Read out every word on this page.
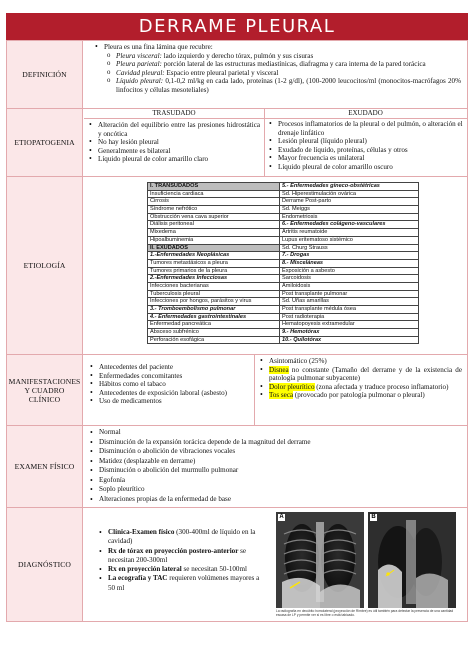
DERRAME PLEURAL
DEFINICIÓN
• Pleura es una fina lámina que recubre:
o Pleura visceral: lado izquierdo y derecho tórax, pulmón y sus cisuras
o Pleura parietal: porción lateral de las estructuras mediastínicas, diafragma y cara interna de la pared torácica
o Cavidad pleural: Espacio entre pleural parietal y visceral
o Líquido pleural: 0,1-0,2 ml/kg en cada lado, proteínas (1-2 g/dl), (100-2000 leucocitos/ml (monocitos-macrófagos 20% linfocitos y células mesoteliales)
ETIOPATOGENIA
TRASUDADO	EXUDADO
• Alteración del equilibrio entre las presiones hidrostática y oncótica
• No hay lesión pleural
• Generalmente es bilateral
• Líquido pleural de color amarillo claro
• Procesos inflamatorios de la pleural o del pulmón, o alteración el drenaje linfático
• Lesión pleural (líquido pleural)
• Exudado de líquido, proteínas, células y otros
• Mayor frecuencia es unilateral
• Líquido pleural de color amarillo oscuro
ETIOLOGÍA
I. TRANSUDADOS	5.- Enfermedades gineco-obstétricas
Insuficiencia cardiaca	Sd. Hiperestimulación ovárica
Cirrosis	Derrame Post-parto
Síndrome nefrótico	Sd. Meiggs
Obstrucción vena cava superior	Endometriosis
Diálisis peritoneal	6.- Enfermedades colágeno-vasculares
Mixedema	Artritis reumatoide
Hipoalbuminemia	Lupus eritematoso sistémico
II. EXUDADOS	Sd. Churg Strauss
1.-Enfermedades Neoplásicas	7.- Drogas
Tumores metastásicos a pleura	8.- Misceláneas
Tumores primarios de la pleura	Exposición a asbesto
2.-Enfermedades Infecciosas	Sarcoidosis
Infecciones bacterianas	Amiloidosis
Tuberculosis pleural	Post transplante pulmonar
Infecciones por hongos, parásitos y virus	Sd. Uñas amarillas
3.- Tromboembolismo pulmonar	Post transplante médula ósea
4.- Enfermedades gastrointestinales	Post radioterapia
Enfermedad pancreática	Hematopoyesis extramedular
Absceso subfrénico	9.- Hemotórax
Perforación esofágica	10.- Quilotórax
MANIFESTACIONES Y CUADRO CLÍNICO
• Antecedentes del paciente
• Enfermedades concomitantes
• Hábitos como el tabaco
• Antecedentes de exposición laboral (asbesto)
• Uso de medicamentos
• Asintomático (25%)
• Disnea no constante (Tamaño del derrame y de la existencia de patología pulmonar subyacente)
• Dolor pleurítico (zona afectada y traduce proceso inflamatorio)
• Tos seca (provocado por patología pulmonar o pleural)
EXAMEN FÍSICO
• Normal
• Disminución de la expansión torácica depende de la magnitud del derrame
• Disminución o abolición de vibraciones vocales
• Matidez (desplazable en derrame)
• Disminución o abolición del murmullo pulmonar
• Egofonía
• Soplo pleurítico
• Alteraciones propias de la enfermedad de base
DIAGNÓSTICO
• Clínica-Examen físico (300-400ml de líquido en la cavidad)
• Rx de tórax en proyección postero-anterior se necesitan 200-300ml
• Rx en proyección lateral se necesitan 50-100ml
• La ecografía y TAC requieren volúmenes mayores a 50 ml
A	B
La radiografía en decúbito homolateral (proyección de Rimbre) es útil también para detectar la presencia de una cantidad escasa de LP y permite ver si es libre o está tabicado.
